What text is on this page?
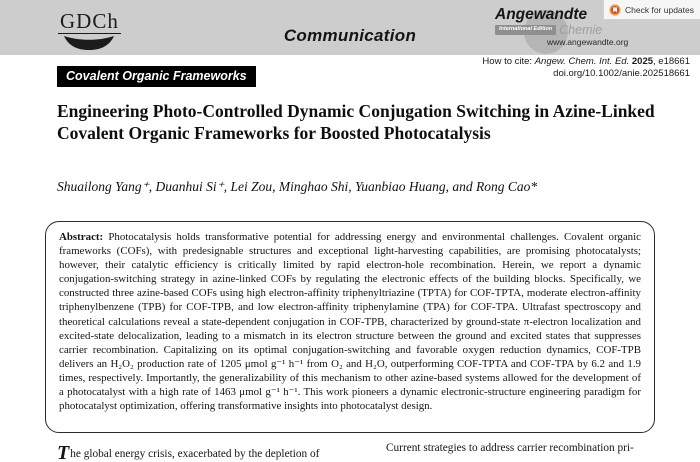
GDCh
Communication
Angewandte
International Edition Chemie
www.angewandte.org
Check for updates
How to cite: Angew. Chem. Int. Ed. 2025, e18661
doi.org/10.1002/anie.202518661
Covalent Organic Frameworks
Engineering Photo-Controlled Dynamic Conjugation Switching in Azine-Linked Covalent Organic Frameworks for Boosted Photocatalysis
Shuailong Yang⁺, Duanhui Si⁺, Lei Zou, Minghao Shi, Yuanbiao Huang, and Rong Cao*
Abstract: Photocatalysis holds transformative potential for addressing energy and environmental challenges. Covalent organic frameworks (COFs), with predesignable structures and exceptional light-harvesting capabilities, are promising photocatalysts; however, their catalytic efficiency is critically limited by rapid electron-hole recombination. Herein, we report a dynamic conjugation-switching strategy in azine-linked COFs by regulating the electronic effects of the building blocks. Specifically, we constructed three azine-based COFs using high electron-affinity triphenyltriazine (TPTA) for COF-TPTA, moderate electron-affinity triphenylbenzene (TPB) for COF-TPB, and low electron-affinity triphenylamine (TPA) for COF-TPA. Ultrafast spectroscopy and theoretical calculations reveal a state-dependent conjugation in COF-TPB, characterized by ground-state π-electron localization and excited-state delocalization, leading to a mismatch in its electron structure between the ground and excited states that suppresses carrier recombination. Capitalizing on its optimal conjugation-switching and favorable oxygen reduction dynamics, COF-TPB delivers an H₂O₂ production rate of 1205 μmol g⁻¹ h⁻¹ from O₂ and H₂O, outperforming COF-TPTA and COF-TPA by 6.2 and 1.9 times, respectively. Importantly, the generalizability of this mechanism to other azine-based systems allowed for the development of a photocatalyst with a high rate of 1463 μmol g⁻¹ h⁻¹. This work pioneers a dynamic electronic-structure engineering paradigm for photocatalyst optimization, offering transformative insights into photocatalyst design.
The global energy crisis, exacerbated by the depletion of	Current strategies to address carrier recombination pri-
